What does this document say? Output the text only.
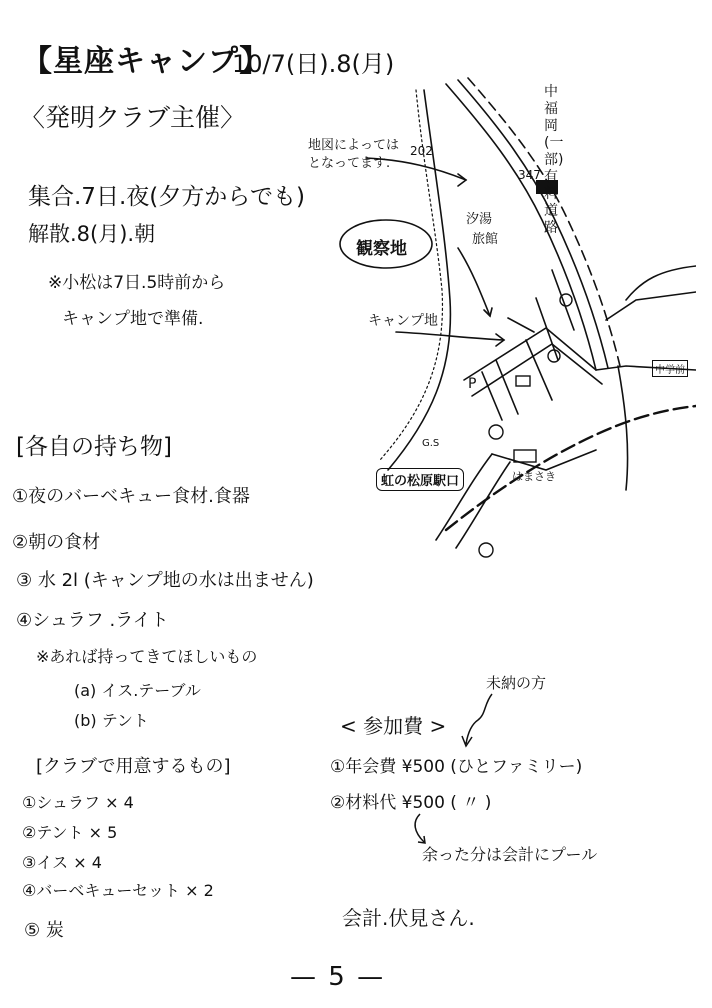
【星座キャンプ】
10/7(日).8(月)
〈発明クラブ主催〉
集合.7日.夜(夕方からでも)
解散.8(月).朝
※小松は7日.5時前から
キャンプ地で準備.
地図によっては
となってます.
202
347
中福岡(一部)有料道路
観察地
汐湯
旅館
キャンプ地
P
G.S
虹の松原駅口	はまさき
中学前
[各自の持ち物]
①夜のバーベキュー食材.食器
②朝の食材
③ 水 2l (キャンプ地の水は出ません)
④シュラフ .ライト
※あれば持ってきてほしいもの
(a) イス.テーブル
(b) テント
[クラブで用意するもの]
①シュラフ × 4
②テント × 5
③イス × 4
④バーベキューセット × 2
⑤ 炭
未納の方
< 参加費 >
①年会費 ¥500 (ひとファミリー)
②材料代 ¥500 ( 〃 )
余った分は会計にプール
会計.伏見さん.
— 5 —
